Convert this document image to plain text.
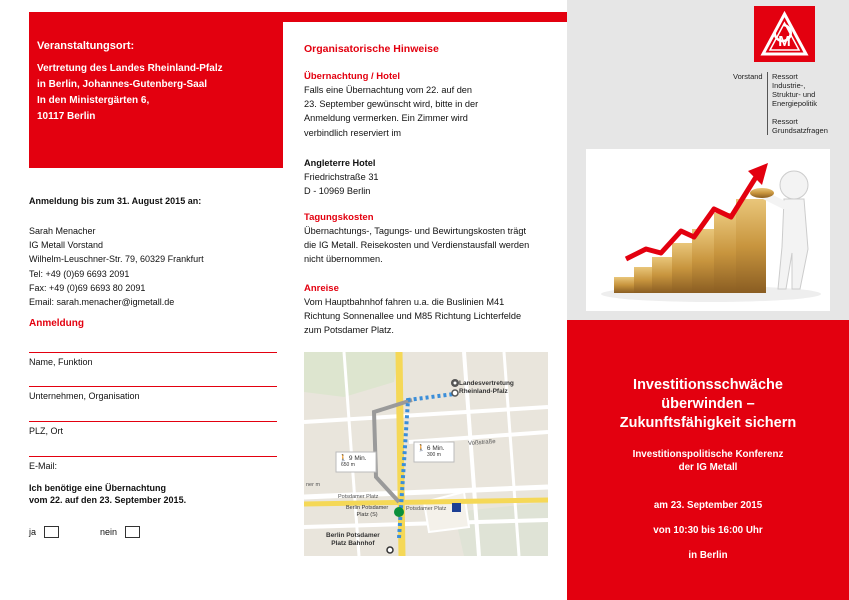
Veranstaltungsort:
Vertretung des Landes Rheinland-Pfalz
in Berlin, Johannes-Gutenberg-Saal
In den Ministergärten 6,
10117 Berlin
Anmeldung bis zum 31. August 2015 an:
Sarah Menacher
IG Metall Vorstand
Wilhelm-Leuschner-Str. 79, 60329 Frankfurt
Tel: +49 (0)69 6693 2091
Fax: +49 (0)69 6693 80 2091
Email: sarah.menacher@igmetall.de
Anmeldung
Name, Funktion
Unternehmen, Organisation
PLZ, Ort
E-Mail:
Ich benötige eine Übernachtung
vom 22. auf den 23. September 2015.
ja	nein
Organisatorische Hinweise
Übernachtung / Hotel
Falls eine Übernachtung vom 22. auf den
23. September gewünscht wird, bitte in der
Anmeldung vermerken. Ein Zimmer wird
verbindlich reserviert im
Angleterre Hotel
Friedrichstraße 31
D - 10969 Berlin
Tagungskosten
Übernachtungs-, Tagungs- und Bewirtungskosten trägt
die IG Metall. Reisekosten und Verdienstausfall werden
nicht übernommen.
Anreise
Vom Hauptbahnhof fahren u.a. die Buslinien M41
Richtung Sonnenallee und M85 Richtung Lichterfelde
zum Potsdamer Platz.
Landesvertretung
Rheinland-Pfalz
🚶 9 Min.
650 m
🚶 6 Min.
300 m
Voßstraße
Potsdamer Platz
Potsdamer Platz
ner m
Berlin Potsdamer
Platz (S)
Berlin Potsdamer
Platz Bahnhof
M
Vorstand Ressort
Industrie-,
Struktur- und
Energiepolitik
Ressort
Grundsatzfragen
Investitionsschwäche
überwinden –
Zukunftsfähigkeit sichern
Investitionspolitische Konferenz
der IG Metall
am 23. September 2015
von 10:30 bis 16:00 Uhr
in Berlin
